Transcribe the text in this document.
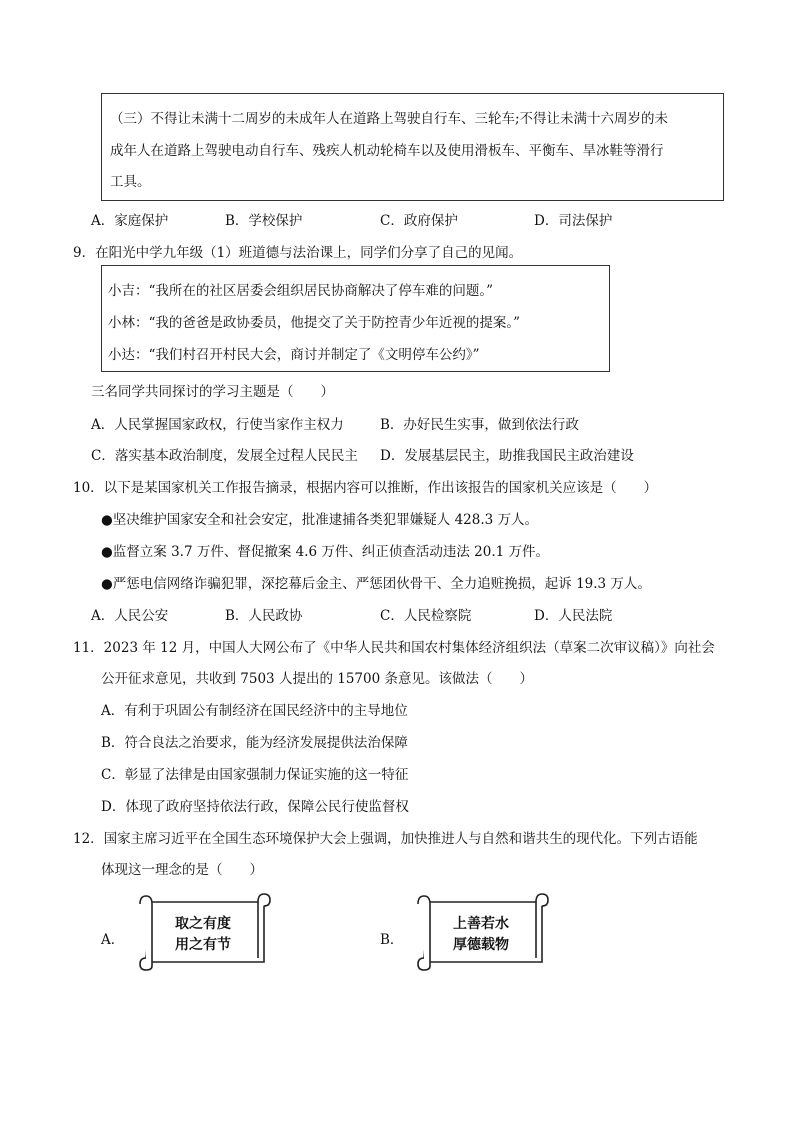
（三）不得让未满十二周岁的未成年人在道路上驾驶自行车、三轮车;不得让未满十六周岁的未
成年人在道路上驾驶电动自行车、残疾人机动轮椅车以及使用滑板车、平衡车、旱冰鞋等滑行
工具。
A．家庭保护	B．学校保护	C．政府保护	D．司法保护
9．在阳光中学九年级（1）班道德与法治课上，同学们分享了自己的见闻。
小吉：“我所在的社区居委会组织居民协商解决了停车难的问题。”
小林：“我的爸爸是政协委员，他提交了关于防控青少年近视的提案。”
小达：“我们村召开村民大会，商讨并制定了《文明停车公约》”
三名同学共同探讨的学习主题是（　　）
A．人民掌握国家政权，行使当家作主权力	B．办好民生实事，做到依法行政
C．落实基本政治制度，发展全过程人民民主 D．发展基层民主，助推我国民主政治建设
10．以下是某国家机关工作报告摘录，根据内容可以推断，作出该报告的国家机关应该是（　　）
●坚决维护国家安全和社会安定，批准逮捕各类犯罪嫌疑人 428.3 万人。
●监督立案 3.7 万件、督促撤案 4.6 万件、纠正侦查活动违法 20.1 万件。
●严惩电信网络诈骗犯罪，深挖幕后金主、严惩团伙骨干、全力追赃挽损，起诉 19.3 万人。
A．人民公安	B．人民政协	C．人民检察院	D．人民法院
11．2023 年 12 月，中国人大网公布了《中华人民共和国农村集体经济组织法（草案二次审议稿）》向社会
公开征求意见，共收到 7503 人提出的 15700 条意见。该做法（　　）
A．有利于巩固公有制经济在国民经济中的主导地位
B．符合良法之治要求，能为经济发展提供法治保障
C．彰显了法律是由国家强制力保证实施的这一特征
D．体现了政府坚持依法行政，保障公民行使监督权
12．国家主席习近平在全国生态环境保护大会上强调，加快推进人与自然和谐共生的现代化。下列古语能
体现这一理念的是（　　）
A．
取之有度
用之有节	B．
上善若水
厚德载物
